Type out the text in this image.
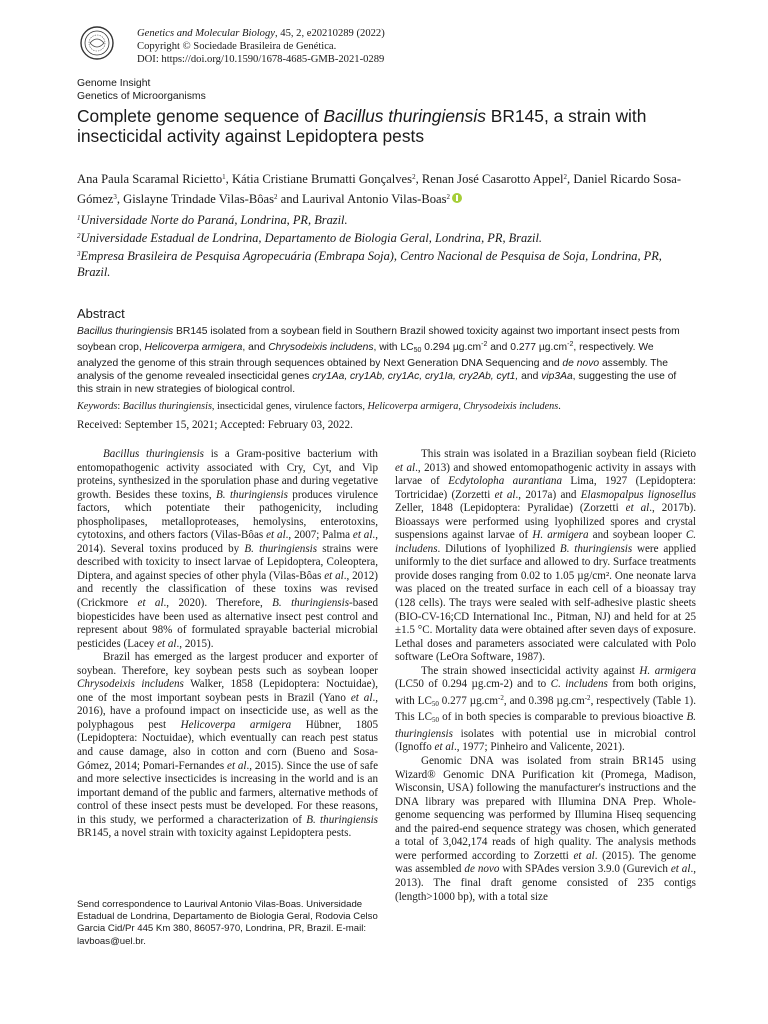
Genetics and Molecular Biology, 45, 2, e20210289 (2022)
Copyright © Sociedade Brasileira de Genética.
DOI: https://doi.org/10.1590/1678-4685-GMB-2021-0289
Genome Insight
Genetics of Microorganisms
Complete genome sequence of Bacillus thuringiensis BR145, a strain with insecticidal activity against Lepidoptera pests
Ana Paula Scaramal Ricietto$^1$, Kátia Cristiane Brumatti Gonçalves$^2$, Renan José Casarotto Appel$^2$, Daniel Ricardo Sosa-Gómez$^3$, Gislayne Trindade Vilas-Bôas$^2$ and Laurival Antonio Vilas-Boas$^2$
$^1$Universidade Norte do Paraná, Londrina, PR, Brazil.
$^2$Universidade Estadual de Londrina, Departamento de Biologia Geral, Londrina, PR, Brazil.
$^3$Empresa Brasileira de Pesquisa Agropecuária (Embrapa Soja), Centro Nacional de Pesquisa de Soja, Londrina, PR, Brazil.
Abstract

Bacillus thuringiensis BR145 isolated from a soybean field in Southern Brazil showed toxicity against two important insect pests from soybean crop, Helicoverpa armigera, and Chrysodeixis includens, with $LC_{50}$ 0.294 $\mu g.cm^{-2}$ and 0.277 $\mu g.cm^{-2}$, respectively. We analyzed the genome of this strain through sequences obtained by Next Generation DNA Sequencing and de novo assembly. The analysis of the genome revealed insecticidal genes cry1Aa, cry1Ab, cry1Ac, cry1Ia, cry2Ab, cyt1, and vip3Aa, suggesting the use of this strain in new strategies of biological control.

Keywords: Bacillus thuringiensis, insecticidal genes, virulence factors, Helicoverpa armigera, Chrysodeixis includens.
Received: September 15, 2021; Accepted: February 03, 2022.

Bacillus thuringiensis is a Gram-positive bacterium with entomopathogenic activity associated with Cry, Cyt, and Vip proteins, synthesized in the sporulation phase and during vegetative growth. Besides these toxins, B. thuringiensis produces virulence factors, which potentiate their pathogenicity, including phospholipases, metalloproteases, hemolysins, enterotoxins, cytotoxins, and others factors (Vilas-Bôas et al., 2007; Palma et al., 2014). Several toxins produced by B. thuringiensis strains were described with toxicity to insect larvae of Lepidoptera, Coleoptera, Diptera, and against species of other phyla (Vilas-Bôas et al., 2012) and recently the classification of these toxins was revised (Crickmore et al., 2020). Therefore, B. thuringiensis-based biopesticides have been used as alternative insect pest control and represent about 98% of formulated sprayable bacterial microbial pesticides (Lacey et al., 2015).

Brazil has emerged as the largest producer and exporter of soybean. Therefore, key soybean pests such as soybean looper Chrysodeixis includens Walker, 1858 (Lepidoptera: Noctuidae), one of the most important soybean pests in Brazil (Yano et al., 2016), have a profound impact on insecticide use, as well as the polyphagous pest Helicoverpa armigera Hübner, 1805 (Lepidoptera: Noctuidae), which eventually can reach pest status and cause damage, also in cotton and corn (Bueno and Sosa-Gómez, 2014; Pomari-Fernandes et al., 2015). Since the use of safe and more selective insecticides is increasing in the world and is an important demand of the public and farmers, alternative methods of control of these insect pests must be developed. For these reasons, in this study, we performed a characterization of B. thuringiensis BR145, a novel strain with toxicity against Lepidoptera pests.

This strain was isolated in a Brazilian soybean field (Ricieto et al., 2013) and showed entomopathogenic activity in assays with larvae of Ecdytolopha aurantiana Lima, 1927 (Lepidoptera: Tortricidae) (Zorzetti et al., 2017a) and Elasmopalpus lignosellus Zeller, 1848 (Lepidoptera: Pyralidae) (Zorzetti et al., 2017b). Bioassays were performed using lyophilized spores and crystal suspensions against larvae of H. armigera and soybean looper C. includens. Dilutions of lyophilized B. thuringiensis were applied uniformly to the diet surface and allowed to dry. Surface treatments provide doses ranging from 0.02 to 1.05 µg/cm². One neonate larva was placed on the treated surface in each cell of a bioassay tray (128 cells). The trays were sealed with self-adhesive plastic sheets (BIO-CV-16;CD International Inc., Pitman, NJ) and held for at 25 ±1.5 °C. Mortality data were obtained after seven days of exposure. Lethal doses and parameters associated were calculated with Polo software (LeOra Software, 1987).

The strain showed insecticidal activity against H. armigera (LC50 of 0.294 µg.cm-2) and to C. includens from both origins, with $LC_{50}$ 0.277 $\mu g.cm^{-2}$, and 0.398 $\mu g.cm^{-2}$, respectively (Table 1). This $LC_{50}$ of in both species is comparable to previous bioactive B. thuringiensis isolates with potential use in microbial control (Ignoffo et al., 1977; Pinheiro and Valicente, 2021).

Genomic DNA was isolated from strain BR145 using Wizard® Genomic DNA Purification kit (Promega, Madison, Wisconsin, USA) following the manufacturer's instructions and the DNA library was prepared with Illumina DNA Prep. Whole-genome sequencing was performed by Illumina Hiseq sequencing and the paired-end sequence strategy was chosen, which generated a total of 3,042,174 reads of high quality. The analysis methods were performed according to Zorzetti et al. (2015). The genome was assembled de novo with SPAdes version 3.9.0 (Gurevich et al., 2013). The final draft genome consisted of 235 contigs (length>1000 bp), with a total size

Send correspondence to Laurival Antonio Vilas-Boas. Universidade Estadual de Londrina, Departamento de Biologia Geral, Rodovia Celso Garcia Cid/Pr 445 Km 380, 86057-970, Londrina, PR, Brazil. E-mail: lavboas@uel.br.
